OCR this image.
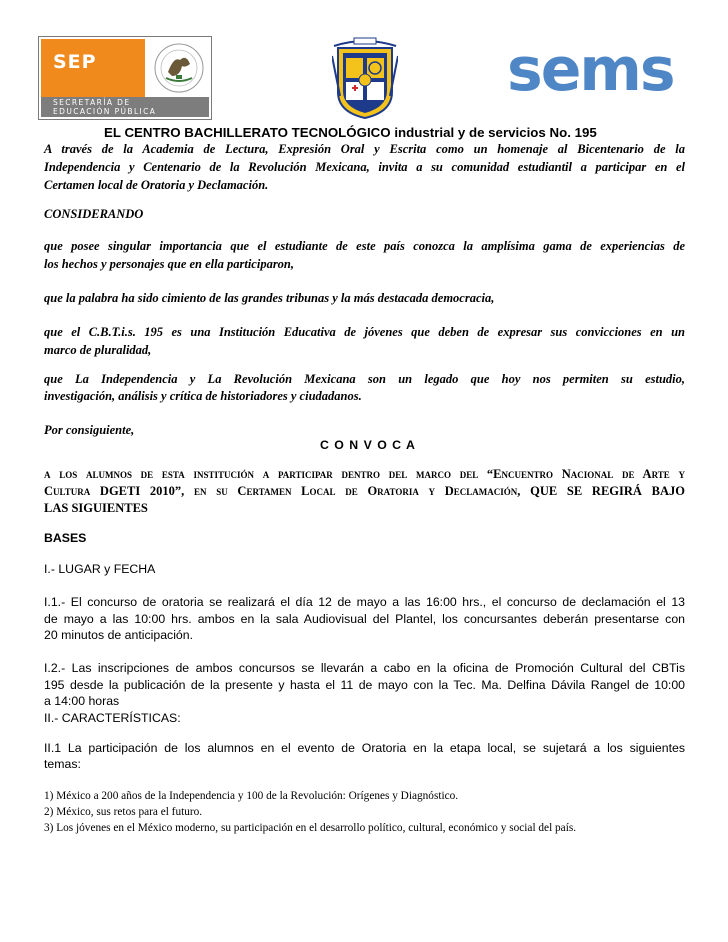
SEP
SECRETARÍA DE
EDUCACIÓN PÚBLICA
sems
EL CENTRO BACHILLERATO TECNOLÓGICO industrial y de servicios No. 195
A través de la Academia de Lectura, Expresión Oral y Escrita como un homenaje al Bicentenario de la
Independencia y Centenario de la Revolución Mexicana, invita a su comunidad estudiantil a participar en el
Certamen local de Oratoria y Declamación.
CONSIDERANDO
que posee singular importancia que el estudiante de este país conozca la amplísima gama de experiencias de
los hechos y personajes que en ella participaron,
que la palabra ha sido cimiento de las grandes tribunas y la más destacada democracia,
que el C.B.T.i.s. 195 es una Institución Educativa de jóvenes que deben de expresar sus convicciones en un
marco de pluralidad,
que La Independencia y La Revolución Mexicana son un legado que hoy nos permiten su estudio,
investigación, análisis y crítica de historiadores y ciudadanos.
Por consiguiente,
C O N V O C A
a los alumnos de esta institución a participar dentro del marco del “Encuentro Nacional de Arte y
Cultura DGETI 2010”, en su Certamen Local de Oratoria y Declamación, QUE SE REGIRÁ BAJO
LAS SIGUIENTES
BASES
I.- LUGAR y FECHA
I.1.- El concurso de oratoria se realizará el día 12 de mayo a las 16:00 hrs., el concurso de declamación el 13
de mayo a las 10:00 hrs. ambos en la sala Audiovisual del Plantel, los concursantes deberán presentarse con
20 minutos de anticipación.
I.2.- Las inscripciones de ambos concursos se llevarán a cabo en la oficina de Promoción Cultural del CBTis
195 desde la publicación de la presente y hasta el 11 de mayo con la Tec. Ma. Delfina Dávila Rangel de 10:00
a 14:00 horas
II.- CARACTERÍSTICAS:
II.1 La participación de los alumnos en el evento de Oratoria en la etapa local, se sujetará a los siguientes
temas:
1) México a 200 años de la Independencia y 100 de la Revolución: Orígenes y Diagnóstico.
2) México, sus retos para el futuro.
3) Los jóvenes en el México moderno, su participación en el desarrollo político, cultural, económico y social del país.
